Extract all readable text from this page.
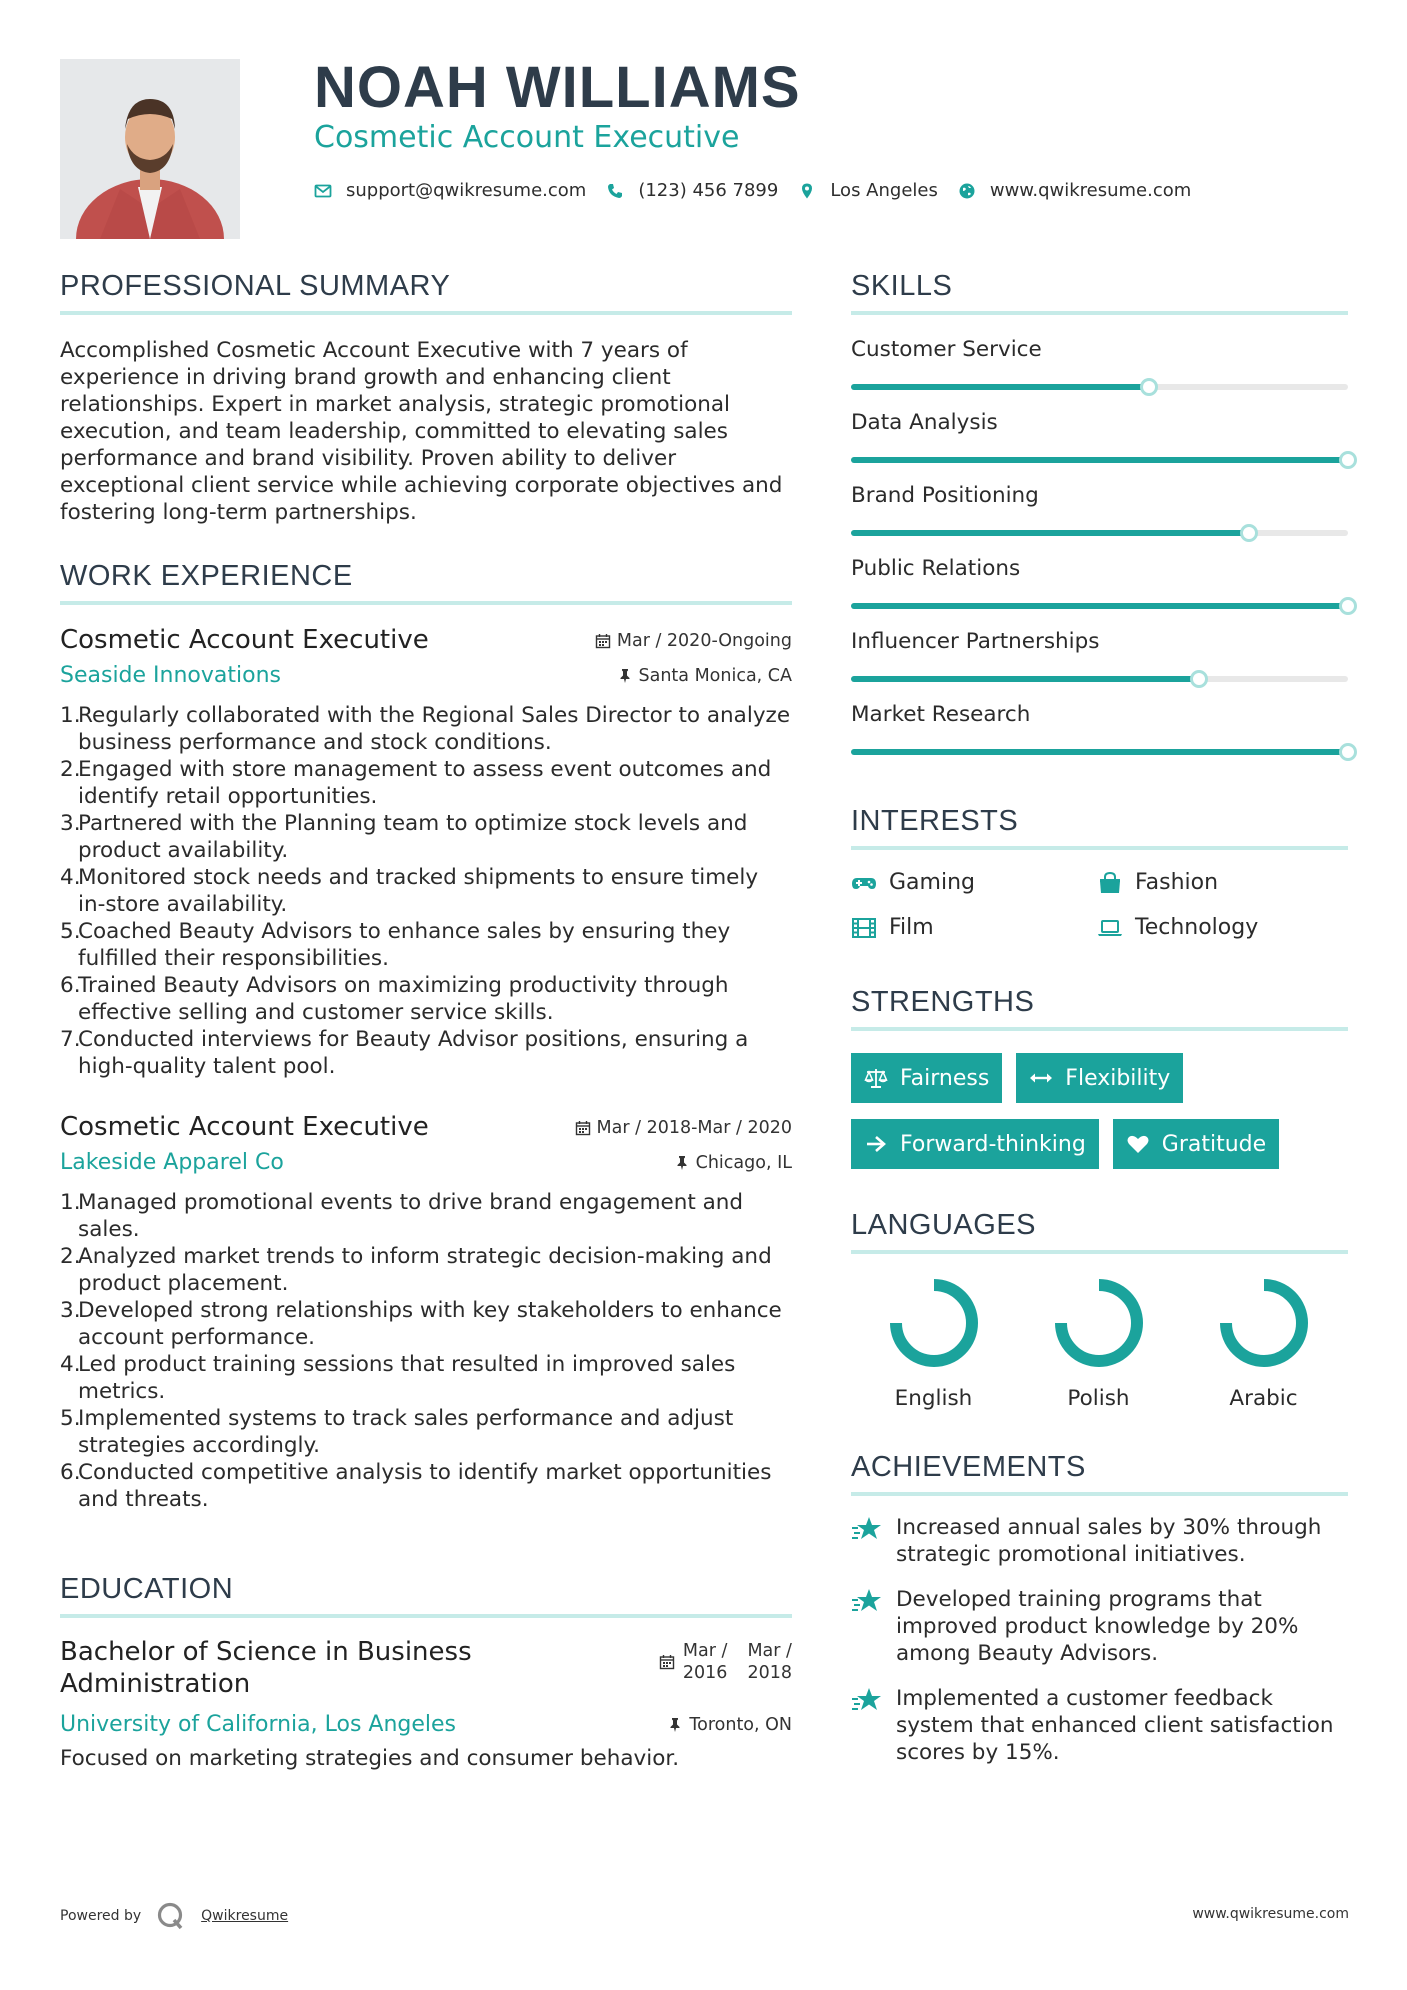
NOAH WILLIAMS
Cosmetic Account Executive
support@qwikresume.com	(123) 456 7899	Los Angeles	www.qwikresume.com
PROFESSIONAL SUMMARY

Accomplished Cosmetic Account Executive with 7 years of experience in driving brand growth and enhancing client relationships. Expert in market analysis, strategic promotional execution, and team leadership, committed to elevating sales performance and brand visibility. Proven ability to deliver exceptional client service while achieving corporate objectives and fostering long-term partnerships.

WORK EXPERIENCE
Cosmetic Account Executive	Mar / 2020-Ongoing
Seaside Innovations	Santa Monica, CA
Regularly collaborated with the Regional Sales Director to analyze business performance and stock conditions.
Engaged with store management to assess event outcomes and identify retail opportunities.
Partnered with the Planning team to optimize stock levels and product availability.
Monitored stock needs and tracked shipments to ensure timely in-store availability.
Coached Beauty Advisors to enhance sales by ensuring they fulfilled their responsibilities.
Trained Beauty Advisors on maximizing productivity through effective selling and customer service skills.
Conducted interviews for Beauty Advisor positions, ensuring a high-quality talent pool.
Cosmetic Account Executive	Mar / 2018-Mar / 2020
Lakeside Apparel Co	Chicago, IL
Managed promotional events to drive brand engagement and sales.
Analyzed market trends to inform strategic decision-making and product placement.
Developed strong relationships with key stakeholders to enhance account performance.
Led product training sessions that resulted in improved sales metrics.
Implemented systems to track sales performance and adjust strategies accordingly.
Conducted competitive analysis to identify market opportunities and threats.
EDUCATION
Bachelor of Science in Business Administration
Mar /
2016
Mar /
2018
University of California, Los Angeles	Toronto, ON

Focused on marketing strategies and consumer behavior.

SKILLS
Customer Service
Data Analysis
Brand Positioning
Public Relations
Influencer Partnerships
Market Research
INTERESTS
Gaming	Fashion
Film	Technology
STRENGTHS
Fairness	Flexibility
Forward-thinking	Gratitude
LANGUAGES
English	Polish	Arabic
ACHIEVEMENTS
Increased annual sales by 30% through strategic promotional initiatives.
Developed training programs that improved product knowledge by 20% among Beauty Advisors.
Implemented a customer feedback system that enhanced client satisfaction scores by 15%.
Powered by	Qwikresume	www.qwikresume.com
